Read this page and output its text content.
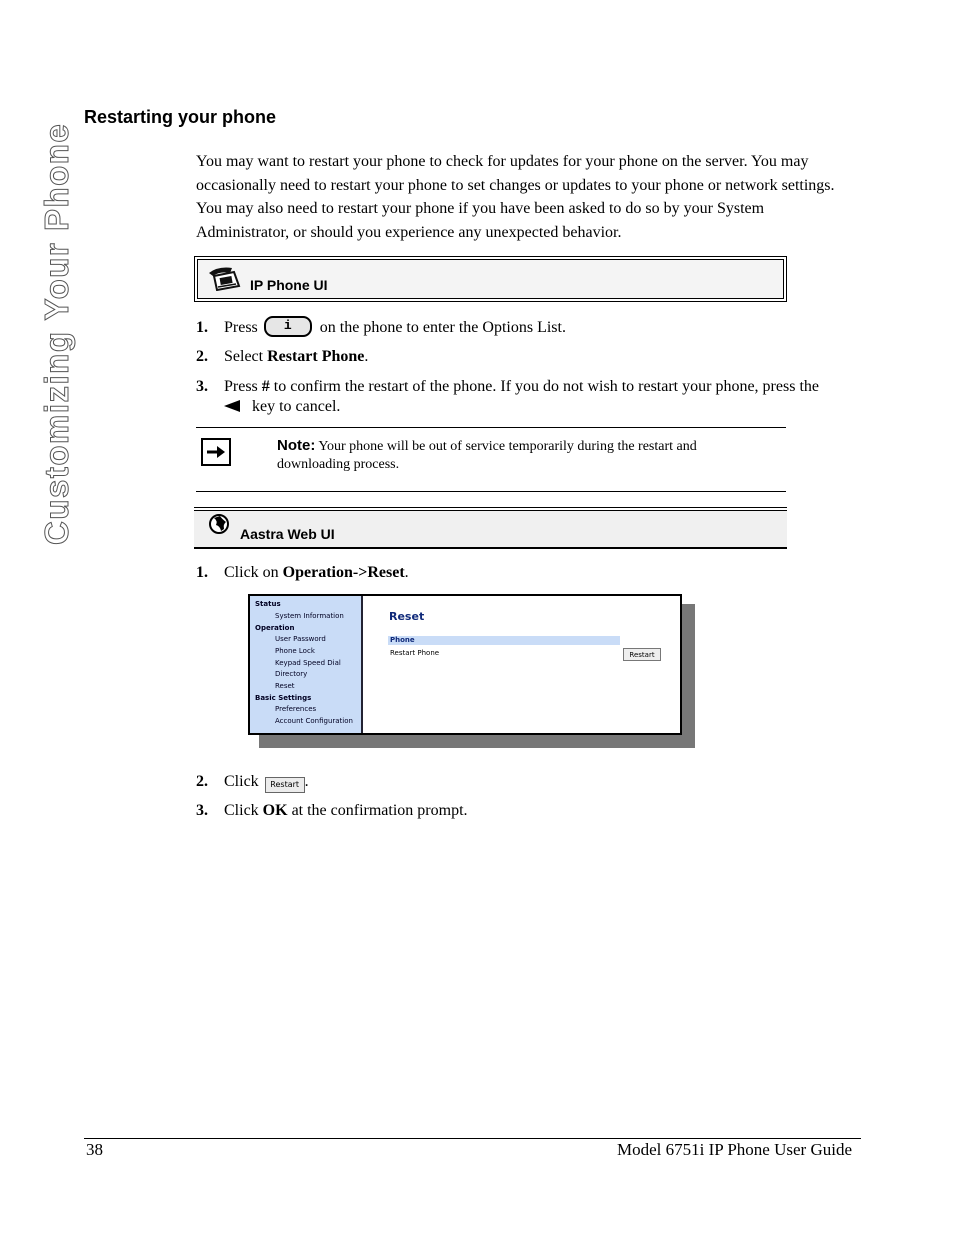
Customizing Your Phone
Restarting your phone

You may want to restart your phone to check for updates for your phone on the server. You may occasionally need to restart your phone to set changes or updates to your phone or network settings. You may also need to restart your phone if you have been asked to do so by your System Administrator, or should you experience any unexpected behavior.

IP Phone UI
1. Press i on the phone to enter the Options List.
2. Select Restart Phone.
3. Press # to confirm the restart of the phone. If you do not wish to restart your phone, press the
key to cancel.
Note: Your phone will be out of service temporarily during the restart and downloading process.
Aastra Web UI
1. Click on Operation->Reset.
Status
System Information
Operation
User Password
Phone Lock
Keypad Speed Dial
Directory
Reset
Basic Settings
Preferences
Account Configuration
Reset
Phone
Restart Phone	Restart
2. Click Restart .
3. Click OK at the confirmation prompt.
38	Model 6751i IP Phone User Guide
